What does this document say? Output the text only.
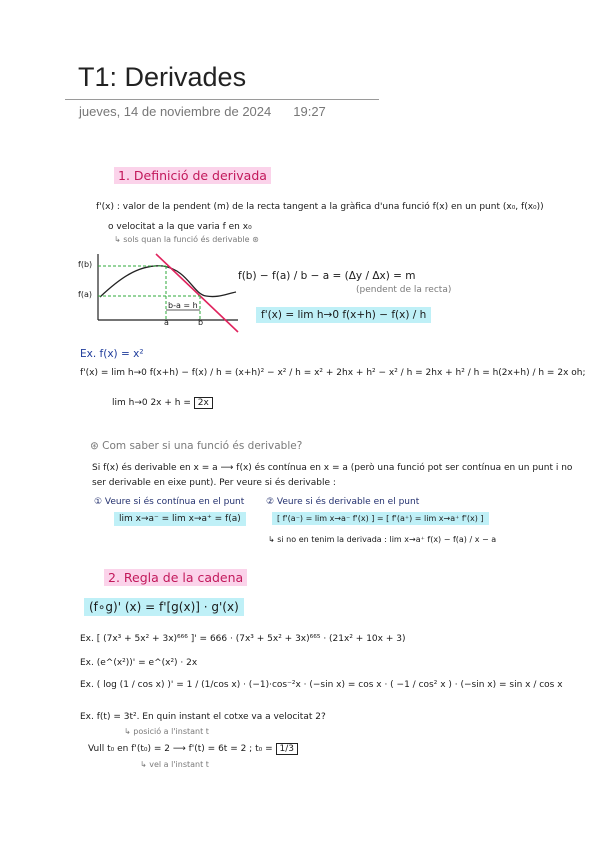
T1: Derivades
jueves, 14 de noviembre de 2024 19:27
1. Definició de derivada
f'(x) : valor de la pendent (m) de la recta tangent a la gràfica d'una funció f(x) en un punt (x₀, f(x₀))
o velocitat a la que varia f en x₀
↳ sols quan la funció és derivable ⊛
f(b)
f(a)
a	b
b-a = h
f(b) − f(a) / b − a = (Δy / Δx) = m
(pendent de la recta)
f'(x) = lim h→0 f(x+h) − f(x) / h
Ex. f(x) = x²
f'(x) = lim h→0 f(x+h) − f(x) / h = (x+h)² − x² / h = x² + 2hx + h² − x² / h = 2hx + h² / h = h(2x+h) / h = 2x oh;
lim h→0 2x + h = 2x
⊛ Com saber si una funció és derivable?
Si f(x) és derivable en x = a ⟶ f(x) és contínua en x = a (però una funció pot ser contínua en un punt i no
ser derivable en eixe punt). Per veure si és derivable :
① Veure si és contínua en el punt
lim x→a⁻ = lim x→a⁺ = f(a)
② Veure si és derivable en el punt
[ f'(a⁻) = lim x→a⁻ f'(x) ] = [ f'(a⁺) = lim x→a⁺ f'(x) ]
↳ si no en tenim la derivada : lim x→a⁺ f(x) − f(a) / x − a
2. Regla de la cadena
(f∘g)' (x) = f'[g(x)] · g'(x)
Ex. [ (7x³ + 5x² + 3x)⁶⁶⁶ ]' = 666 · (7x³ + 5x² + 3x)⁶⁶⁵ · (21x² + 10x + 3)
Ex. (e^(x²))' = e^(x²) · 2x
Ex. ( log (1 / cos x) )' = 1 / (1/cos x) · (−1)·cos⁻²x · (−sin x) = cos x · ( −1 / cos² x ) · (−sin x) = sin x / cos x
Ex. f(t) = 3t². En quin instant el cotxe va a velocitat 2?
↳ posició a l'instant t
Vull t₀ en f'(t₀) = 2 ⟶ f'(t) = 6t = 2 ; t₀ = 1/3
↳ vel a l'instant t
